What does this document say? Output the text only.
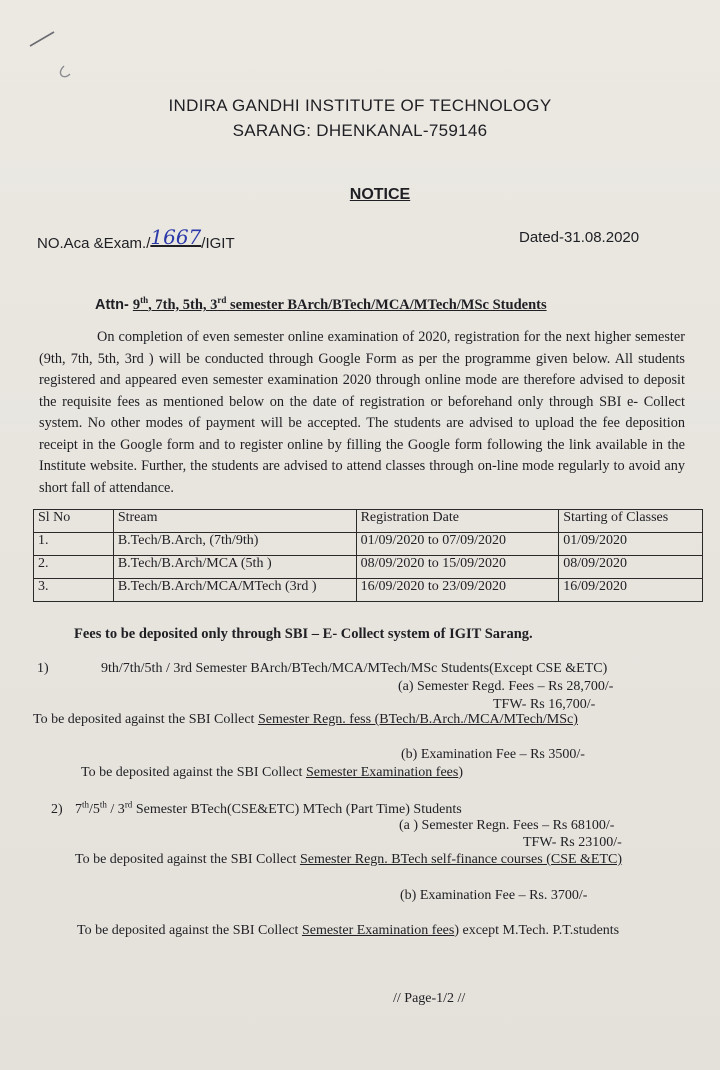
INDIRA GANDHI INSTITUTE OF TECHNOLOGY
SARANG: DHENKANAL-759146
NOTICE
NO.Aca &Exam./1667/IGIT	Dated-31.08.2020
Attn- 9th, 7th, 5th, 3rd semester BArch/BTech/MCA/MTech/MSc Students
On completion of even semester online examination of 2020, registration for the next higher semester (9th, 7th, 5th, 3rd ) will be conducted through Google Form as per the programme given below. All students registered and appeared even semester examination 2020 through online mode are therefore advised to deposit the requisite fees as mentioned below on the date of registration or beforehand only through SBI e- Collect system. No other modes of payment will be accepted. The students are advised to upload the fee deposition receipt in the Google form and to register online by filling the Google form following the link available in the Institute website. Further, the students are advised to attend classes through on-line mode regularly to avoid any short fall of attendance.
Sl No	Stream	Registration Date	Starting of Classes
1.	B.Tech/B.Arch, (7th/9th)	01/09/2020 to 07/09/2020	01/09/2020
2.	B.Tech/B.Arch/MCA (5th )	08/09/2020 to 15/09/2020	08/09/2020
3.	B.Tech/B.Arch/MCA/MTech (3rd )	16/09/2020 to 23/09/2020	16/09/2020
Fees to be deposited only through SBI – E- Collect system of IGIT Sarang.
1)	9th/7th/5th / 3rd Semester BArch/BTech/MCA/MTech/MSc Students(Except CSE &ETC)
(a) Semester Regd. Fees – Rs 28,700/-
TFW- Rs 16,700/-
To be deposited against the SBI Collect Semester Regn. fess (BTech/B.Arch./MCA/MTech/MSc)
(b) Examination Fee – Rs 3500/-
To be deposited against the SBI Collect Semester Examination fees)
2) 7th/5th / 3rd Semester BTech(CSE&ETC) MTech (Part Time) Students
(a ) Semester Regn. Fees – Rs 68100/-
TFW- Rs 23100/-
To be deposited against the SBI Collect Semester Regn. BTech self-finance courses (CSE &ETC)
(b) Examination Fee – Rs. 3700/-
To be deposited against the SBI Collect Semester Examination fees) except M.Tech. P.T.students
// Page-1/2 //
